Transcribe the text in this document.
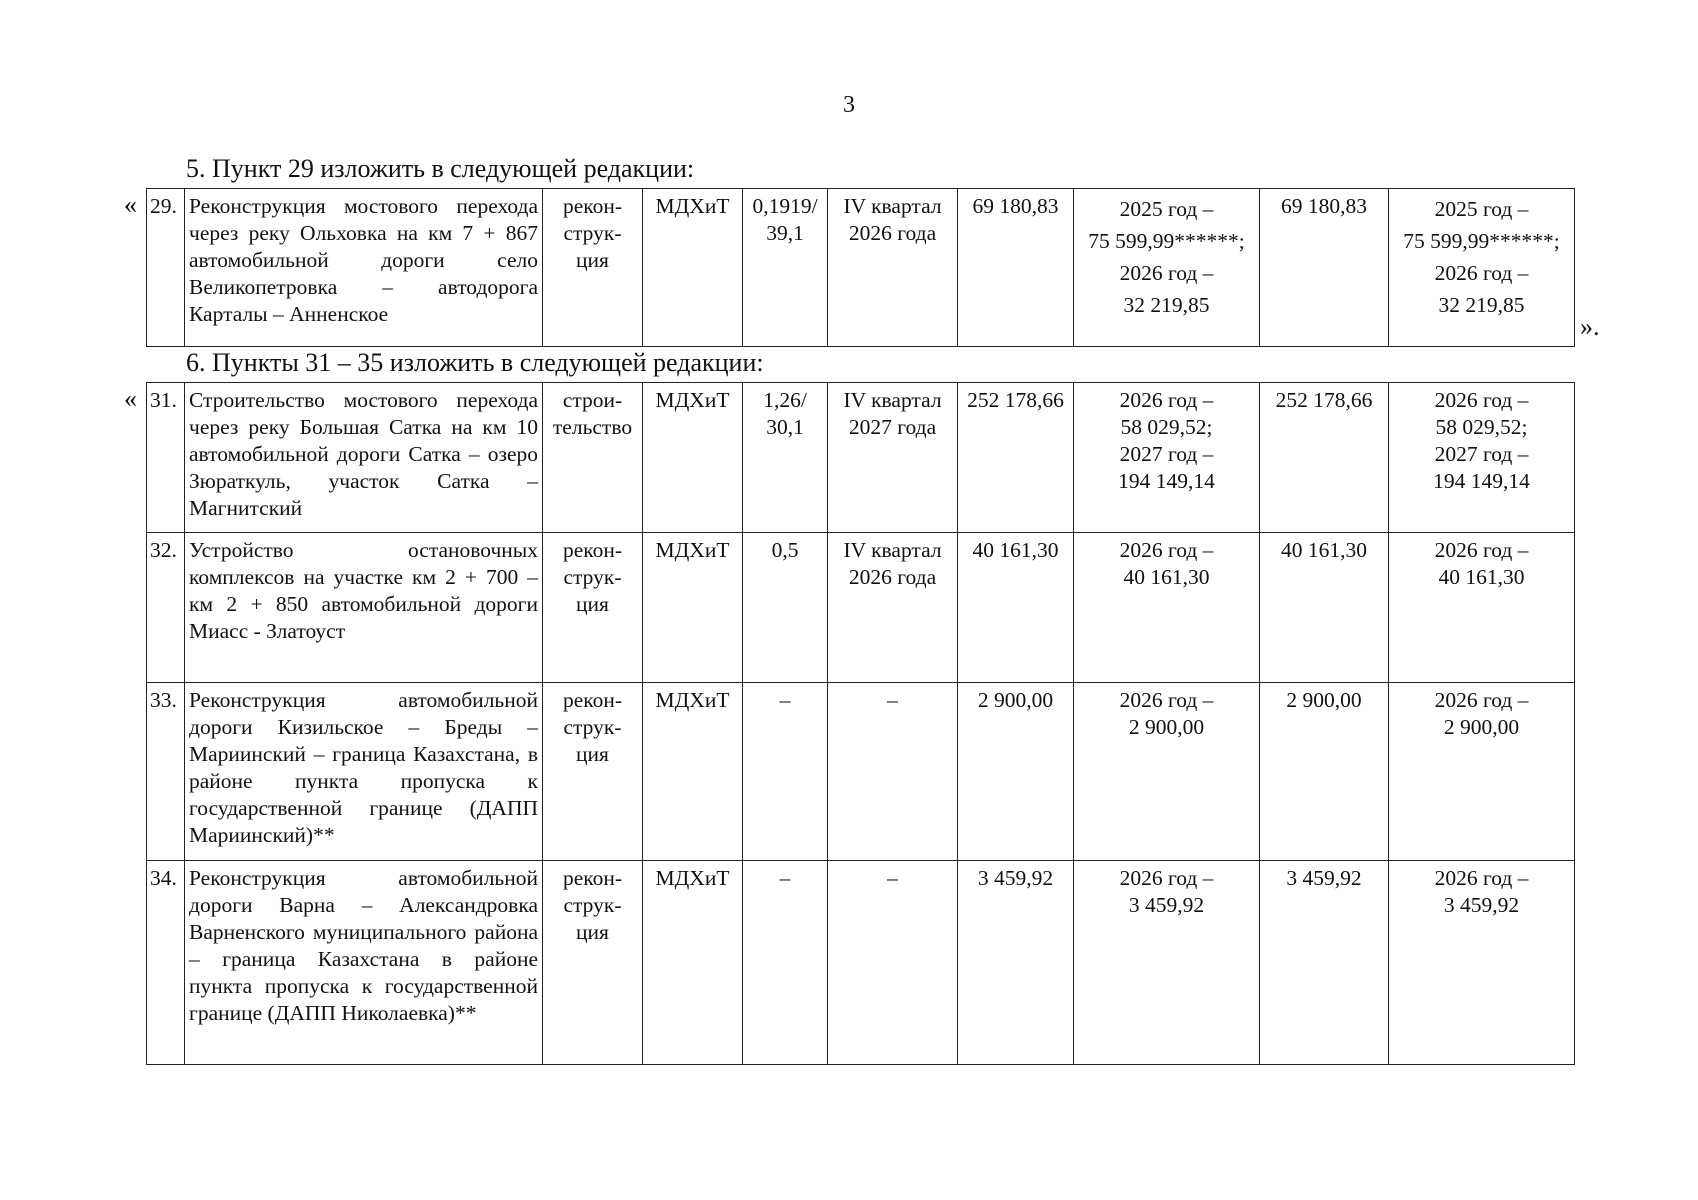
3
5. Пункт 29 изложить в следующей редакции:
« 29.	Реконструкция мостового перехода через реку Ольховка на км 7 + 867 автомобильной дороги село Великопетровка – автодорога Карталы – Анненское	
рекон-
струк-
ция
	МДХиТ	0,1919/ 39,1	IV квартал 2026 года	69 180,83	2025 год –
75 599,99******;
2026 год –
32 219,85
	69 180,83	2025 год –
75 599,99******;
2026 год –
32 219,85
».
6. Пункты 31 – 35 изложить в следующей редакции:
« 31.	Строительство мостового перехода через реку Большая Сатка на км 10 автомобильной дороги Сатка – озеро Зюраткуль, участок Сатка – Магнитский	строи-
тельство	МДХиТ	1,26/ 30,1	IV квартал 2027 года	252 178,66	2026 год –
58 029,52;
2027 год –
194 149,14	252 178,66	2026 год –
58 029,52;
2027 год –
194 149,14

32.	Устройство остановочных комплексов на участке км 2 + 700 – км 2 + 850 автомобильной дороги Миасс - Златоуст	рекон-
струк-
ция	МДХиТ	0,5	IV квартал 2026 года	40 161,30	2026 год –
40 161,30	40 161,30	2026 год –
40 161,30

33.	Реконструкция автомобильной дороги Кизильское – Бреды – Мариинский – граница Казахстана, в районе пункта пропуска к государственной границе (ДАПП Мариинский)**	рекон-
струк-
ция	МДХиТ	–	–	2 900,00	2026 год –
2 900,00	2 900,00	2026 год –
2 900,00

34.	Реконструкция автомобильной дороги Варна – Александровка Варненского муниципального района – граница Казахстана в районе пункта пропуска к государственной границе (ДАПП Николаевка)**	рекон-
струк-
ция	МДХиТ	–	–	3 459,92	2026 год –
3 459,92	3 459,92	2026 год –
3 459,92
